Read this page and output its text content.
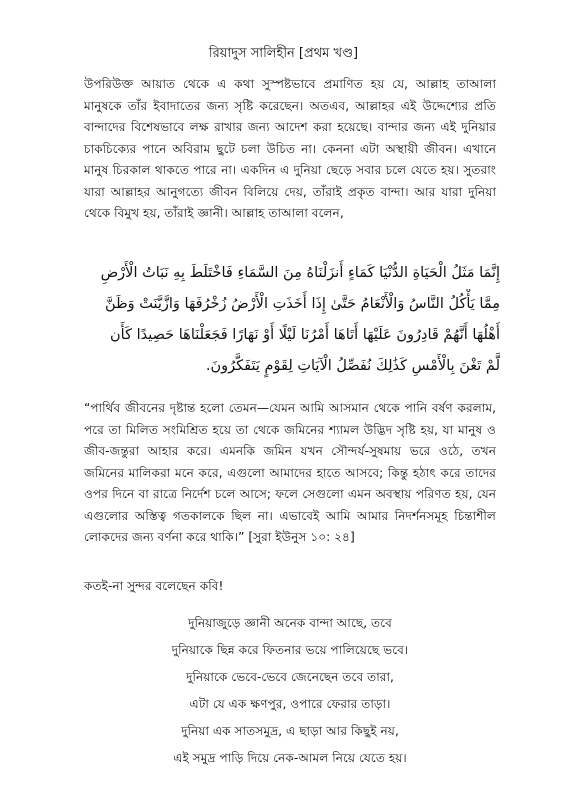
রিয়াদুস সালিহীন [প্রথম খণ্ড]
উপরিউক্ত আয়াত থেকে এ কথা সুস্পষ্টভাবে প্রমাণিত হয় যে, আল্লাহ তাআলা মানুষকে তাঁর ইবাদাতের জন্য সৃষ্টি করেছেন। অতএব, আল্লাহর এই উদ্দেশ্যের প্রতি বান্দাদের বিশেষভাবে লক্ষ রাখার জন্য আদেশ করা হয়েছে। বান্দার জন্য এই দুনিয়ার চাকচিক্যের পানে অবিরাম ছুটে চলা উচিত না। কেননা এটা অস্থায়ী জীবন। এখানে মানুষ চিরকাল থাকতে পারে না। একদিন এ দুনিয়া ছেড়ে সবার চলে যেতে হয়। সুতরাং যারা আল্লাহর আনুগত্যে জীবন বিলিয়ে দেয়, তাঁরাই প্রকৃত বান্দা। আর যারা দুনিয়া থেকে বিমুখ হয়, তাঁরাই জ্ঞানী। আল্লাহ তাআলা বলেন,
إِنَّمَا مَثَلُ الْحَيَاةِ الدُّنْيَا كَمَاءٍ أَنزَلْنَاهُ مِنَ السَّمَاءِ فَاخْتَلَطَ بِهِ نَبَاتُ الْأَرْضِ
مِمَّا يَأْكُلُ النَّاسُ وَالْأَنْعَامُ حَتَّىٰ إِذَا أَخَذَتِ الْأَرْضُ زُخْرُفَهَا وَازَّيَّنَتْ وَظَنَّ
أَهْلُهَا أَنَّهُمْ قَادِرُونَ عَلَيْهَا أَتَاهَا أَمْرُنَا لَيْلًا أَوْ نَهَارًا فَجَعَلْنَاهَا حَصِيدًا كَأَن
لَّمْ تَغْنَ بِالْأَمْسِ كَذَٰلِكَ نُفَصِّلُ الْآيَاتِ لِقَوْمٍ يَتَفَكَّرُونَ.
“পার্থিব জীবনের দৃষ্টান্ত হলো তেমন—যেমন আমি আসমান থেকে পানি বর্ষণ করলাম, পরে তা মিলিত সংমিশ্রিত হয়ে তা থেকে জমিনের শ্যামল উদ্ভিদ সৃষ্টি হয়, যা মানুষ ও জীব-জন্তুরা আহার করে। এমনকি জমিন যখন সৌন্দর্য-সুষমায় ভরে ওঠে, তখন জমিনের মালিকরা মনে করে, এগুলো আমাদের হাতে আসবে; কিন্তু হঠাৎ করে তাদের ওপর দিনে বা রাত্রে নির্দেশ চলে আসে; ফলে সেগুলো এমন অবস্থায় পরিণত হয়, যেন এগুলোর অস্তিত্ব গতকালকে ছিল না। এভাবেই আমি আমার নিদর্শনসমূহ চিন্তাশীল লোকদের জন্য বর্ণনা করে থাকি।” [সুরা ইউনুস ১০: ২৪]
কতই-না সুন্দর বলেছেন কবি!
দুনিয়াজুড়ে জ্ঞানী অনেক বান্দা আছে, তবে
দুনিয়াকে ছিন্ন করে ফিতনার ভয়ে পালিয়েছে ভবে।
দুনিয়াকে ভেবে-ভেবে জেনেছেন তবে তারা,
এটা যে এক ক্ষণপুর, ওপারে ফেরার তাড়া।
দুনিয়া এক সাতসমুদ্র, এ ছাড়া আর কিছুই নয়,
এই সমুদ্র পাড়ি দিয়ে নেক-আমল নিয়ে যেতে হয়।
